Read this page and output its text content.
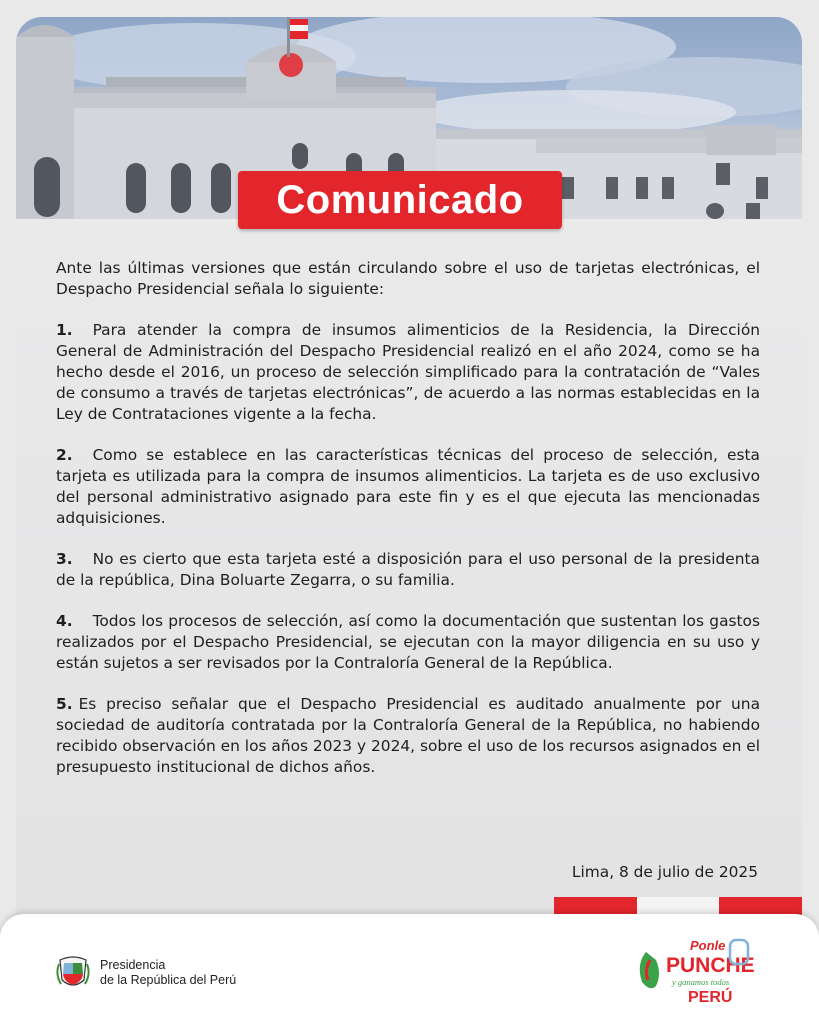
Comunicado

Ante las últimas versiones que están circulando sobre el uso de tarjetas electrónicas, el Despacho Presidencial señala lo siguiente:

1. Para atender la compra de insumos alimenticios de la Residencia, la Dirección General de Administración del Despacho Presidencial realizó en el año 2024, como se ha hecho desde el 2016, un proceso de selección simplificado para la contratación de “Vales de consumo a través de tarjetas electrónicas”, de acuerdo a las normas establecidas en la Ley de Contrataciones vigente a la fecha.

2. Como se establece en las características técnicas del proceso de selección, esta tarjeta es utilizada para la compra de insumos alimenticios. La tarjeta es de uso exclusivo del personal administrativo asignado para este fin y es el que ejecuta las mencionadas adquisiciones.

3. No es cierto que esta tarjeta esté a disposición para el uso personal de la presidenta de la república, Dina Boluarte Zegarra, o su familia.

4. Todos los procesos de selección, así como la documentación que sustentan los gastos realizados por el Despacho Presidencial, se ejecutan con la mayor diligencia en su uso y están sujetos a ser revisados por la Contraloría General de la República.

5. Es preciso señalar que el Despacho Presidencial es auditado anualmente por una sociedad de auditoría contratada por la Contraloría General de la República, no habiendo recibido observación en los años 2023 y 2024, sobre el uso de los recursos asignados en el presupuesto institucional de dichos años.

Lima, 8 de julio de 2025
Presidencia
de la República del Perú
Ponle
PUNCHE
y ganamos todos
PERÚ
